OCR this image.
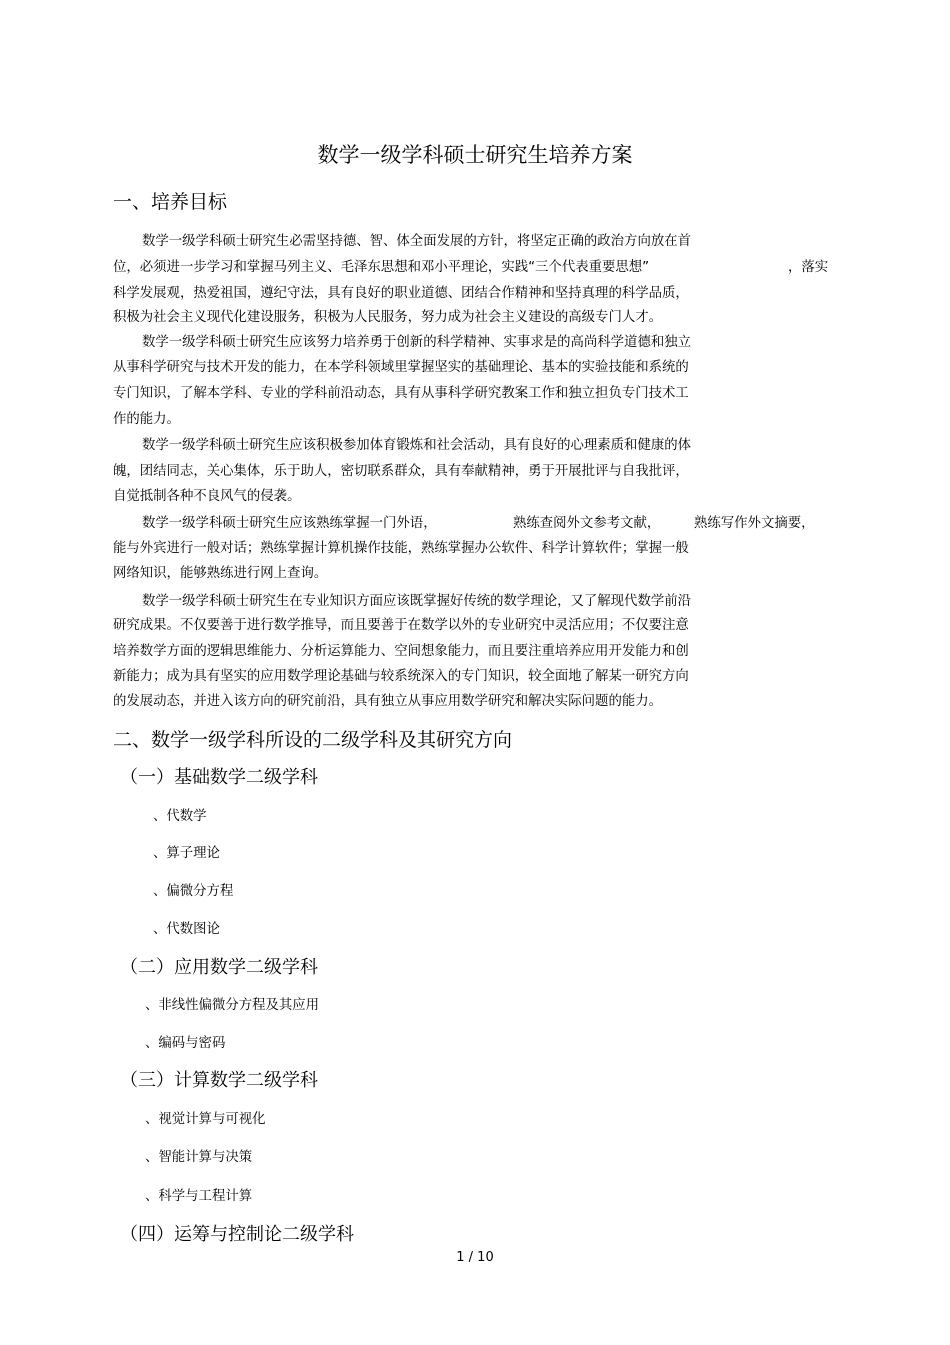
数学一级学科硕士研究生培养方案
一、培养目标
数学一级学科硕士研究生必需坚持德、智、体全面发展的方针，将坚定正确的政治方向放在首
位，必须进一步学习和掌握马列主义、毛泽东思想和邓小平理论，实践“三个代表重要思想”	，落实
科学发展观，热爱祖国，遵纪守法，具有良好的职业道德、团结合作精神和坚持真理的科学品质，
积极为社会主义现代化建设服务，积极为人民服务，努力成为社会主义建设的高级专门人才。
数学一级学科硕士研究生应该努力培养勇于创新的科学精神、实事求是的高尚科学道德和独立
从事科学研究与技术开发的能力，在本学科领域里掌握坚实的基础理论、基本的实验技能和系统的
专门知识，了解本学科、专业的学科前沿动态，具有从事科学研究教案工作和独立担负专门技术工
作的能力。
数学一级学科硕士研究生应该积极参加体育锻炼和社会活动，具有良好的心理素质和健康的体
魄，团结同志，关心集体，乐于助人，密切联系群众，具有奉献精神，勇于开展批评与自我批评，
自觉抵制各种不良风气的侵袭。
数学一级学科硕士研究生应该熟练掌握一门外语，	熟练查阅外文参考文献，	熟练写作外文摘要，
能与外宾进行一般对话；熟练掌握计算机操作技能，熟练掌握办公软件、科学计算软件；掌握一般
网络知识，能够熟练进行网上查询。
数学一级学科硕士研究生在专业知识方面应该既掌握好传统的数学理论，又了解现代数学前沿
研究成果。不仅要善于进行数学推导，而且要善于在数学以外的专业研究中灵活应用；不仅要注意
培养数学方面的逻辑思维能力、分析运算能力、空间想象能力，而且要注重培养应用开发能力和创
新能力；成为具有坚实的应用数学理论基础与较系统深入的专门知识，较全面地了解某一研究方向
的发展动态，并进入该方向的研究前沿，具有独立从事应用数学研究和解决实际问题的能力。
二、数学一级学科所设的二级学科及其研究方向
（一）基础数学二级学科
、代数学
、算子理论
、偏微分方程
、代数图论
（二）应用数学二级学科
、非线性偏微分方程及其应用
、编码与密码
（三）计算数学二级学科
、视觉计算与可视化
、智能计算与决策
、科学与工程计算
（四）运筹与控制论二级学科
1 / 10
